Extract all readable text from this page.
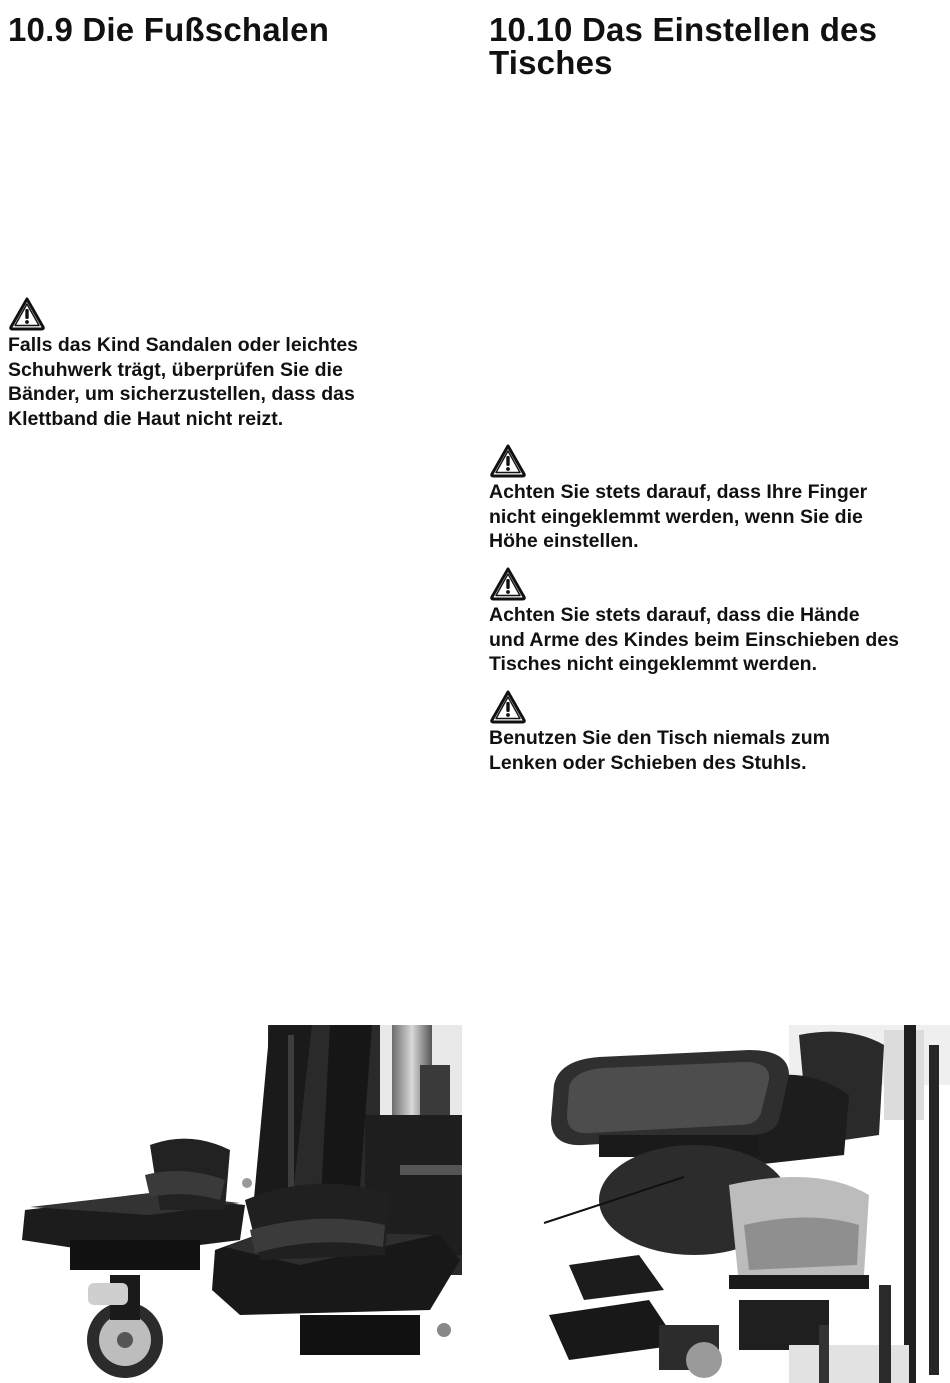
10.9 Die Fußschalen
Falls das Kind Sandalen oder leichtes
Schuhwerk trägt, überprüfen Sie die
Bänder, um sicherzustellen, dass das
Klettband die Haut nicht reizt.
10.10 Das Einstellen des
Tisches
Achten Sie stets darauf, dass Ihre Finger
nicht eingeklemmt werden, wenn Sie die
Höhe einstellen.
Achten Sie stets darauf, dass die Hände
und Arme des Kindes beim Einschieben des
Tisches nicht eingeklemmt werden.
Benutzen Sie den Tisch niemals zum
Lenken oder Schieben des Stuhls.
